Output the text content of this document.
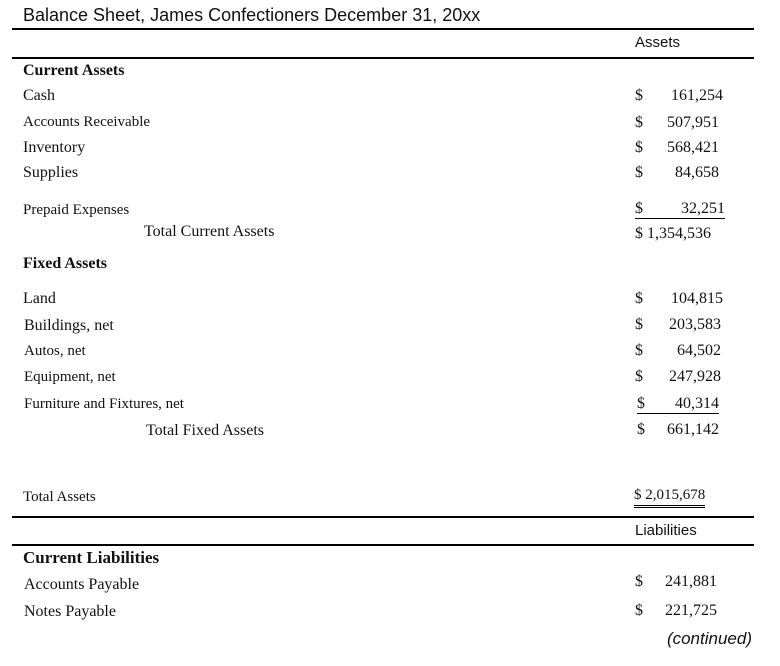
Balance Sheet, James Confectioners December 31, 20xx
Assets
Current Assets
Cash	$ 161,254
Accounts Receivable	$ 507,951
Inventory	$ 568,421
Supplies	$ 84,658
Prepaid Expenses	$ 32,251
Total Current Assets	$ 1,354,536
Fixed Assets
Land	$ 104,815
Buildings, net	$ 203,583
Autos, net	$ 64,502
Equipment, net	$ 247,928
Furniture and Fixtures, net	$ 40,314
Total Fixed Assets	$ 661,142
Total Assets	$ 2,015,678
Liabilities
Current Liabilities
Accounts Payable	$ 241,881
Notes Payable	$ 221,725
(continued)
